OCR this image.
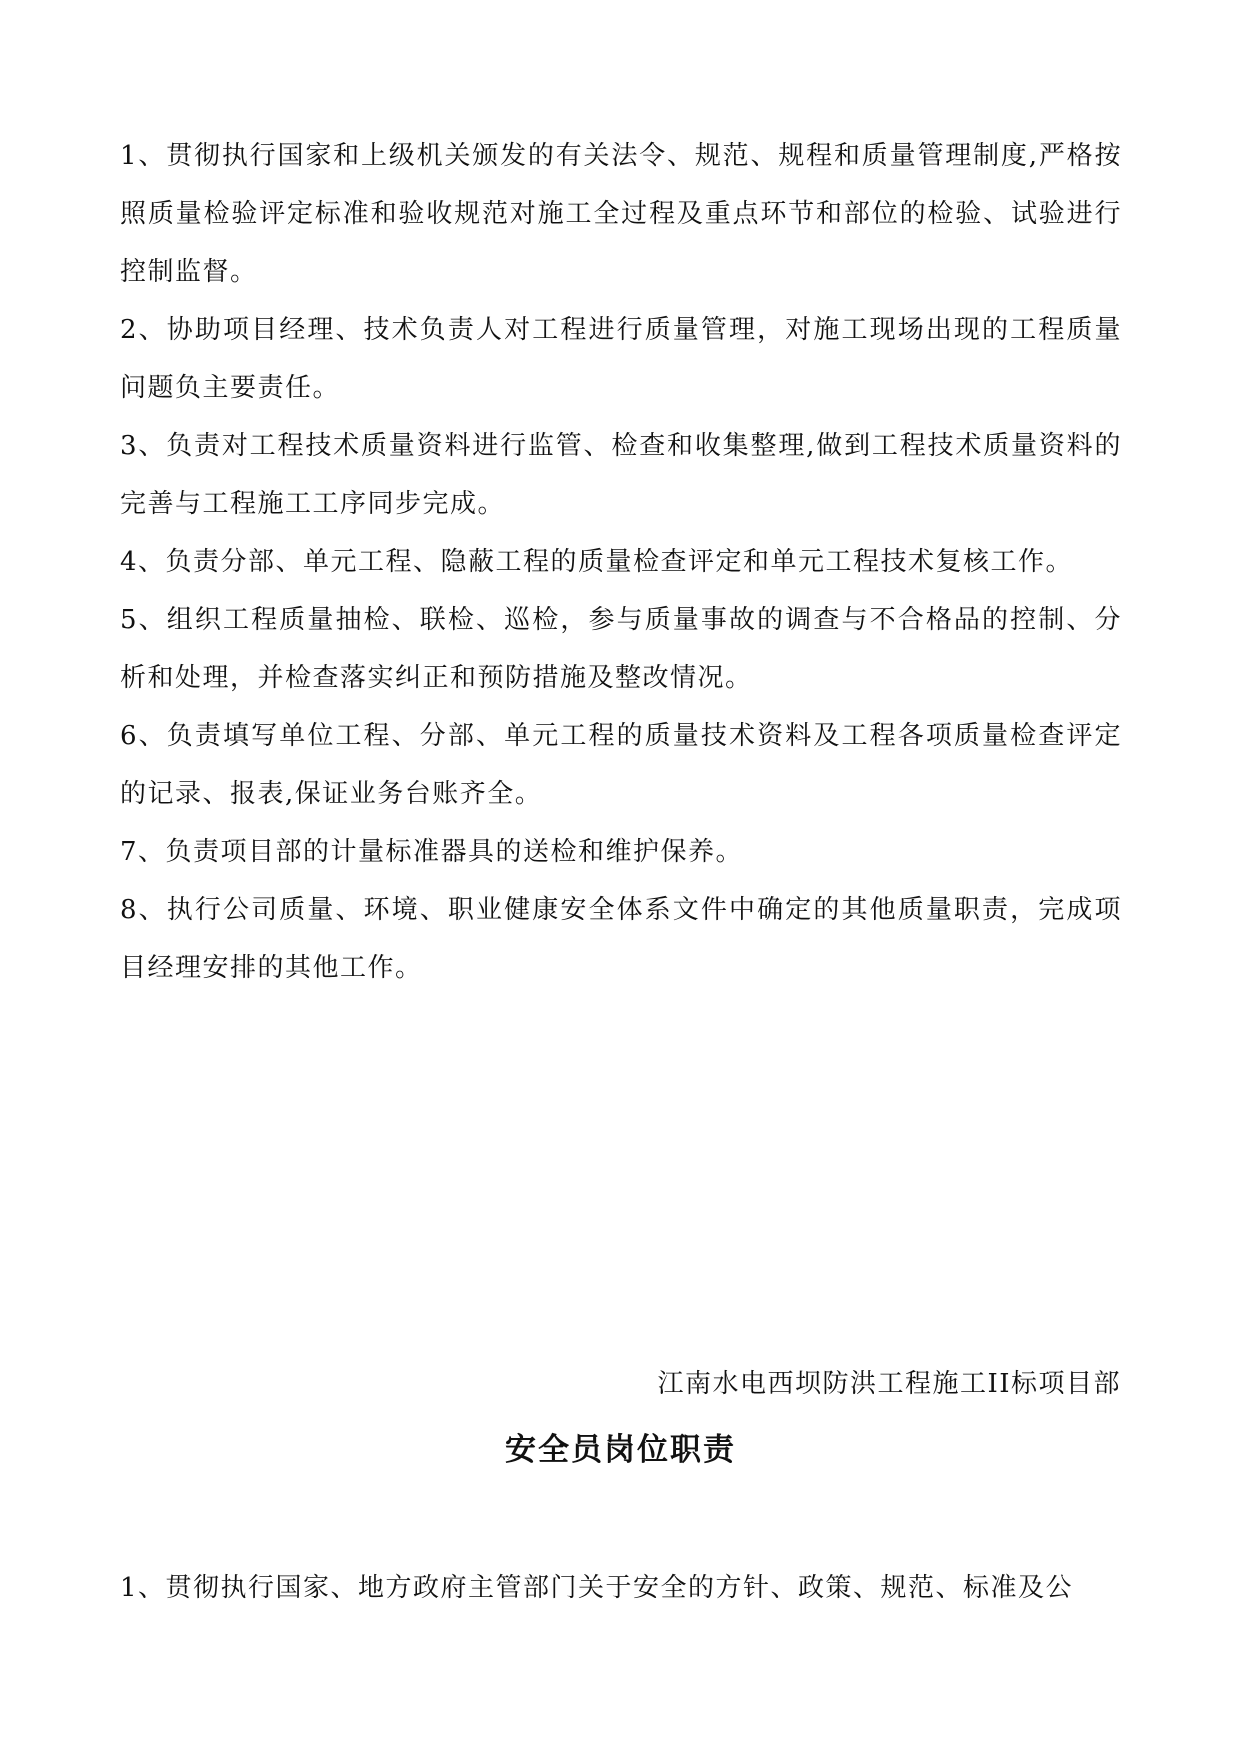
1、贯彻执行国家和上级机关颁发的有关法令、规范、规程和质量管理制度,严格按照质量检验评定标准和验收规范对施工全过程及重点环节和部位的检验、试验进行控制监督。

2、协助项目经理、技术负责人对工程进行质量管理，对施工现场出现的工程质量问题负主要责任。

3、负责对工程技术质量资料进行监管、检查和收集整理,做到工程技术质量资料的完善与工程施工工序同步完成。

4、负责分部、单元工程、隐蔽工程的质量检查评定和单元工程技术复核工作。

5、组织工程质量抽检、联检、巡检，参与质量事故的调查与不合格品的控制、分析和处理，并检查落实纠正和预防措施及整改情况。

6、负责填写单位工程、分部、单元工程的质量技术资料及工程各项质量检查评定的记录、报表,保证业务台账齐全。

7、负责项目部的计量标准器具的送检和维护保养。

8、执行公司质量、环境、职业健康安全体系文件中确定的其他质量职责，完成项目经理安排的其他工作。

江南水电西坝防洪工程施工II标项目部
安全员岗位职责

1、贯彻执行国家、地方政府主管部门关于安全的方针、政策、规范、标准及公
